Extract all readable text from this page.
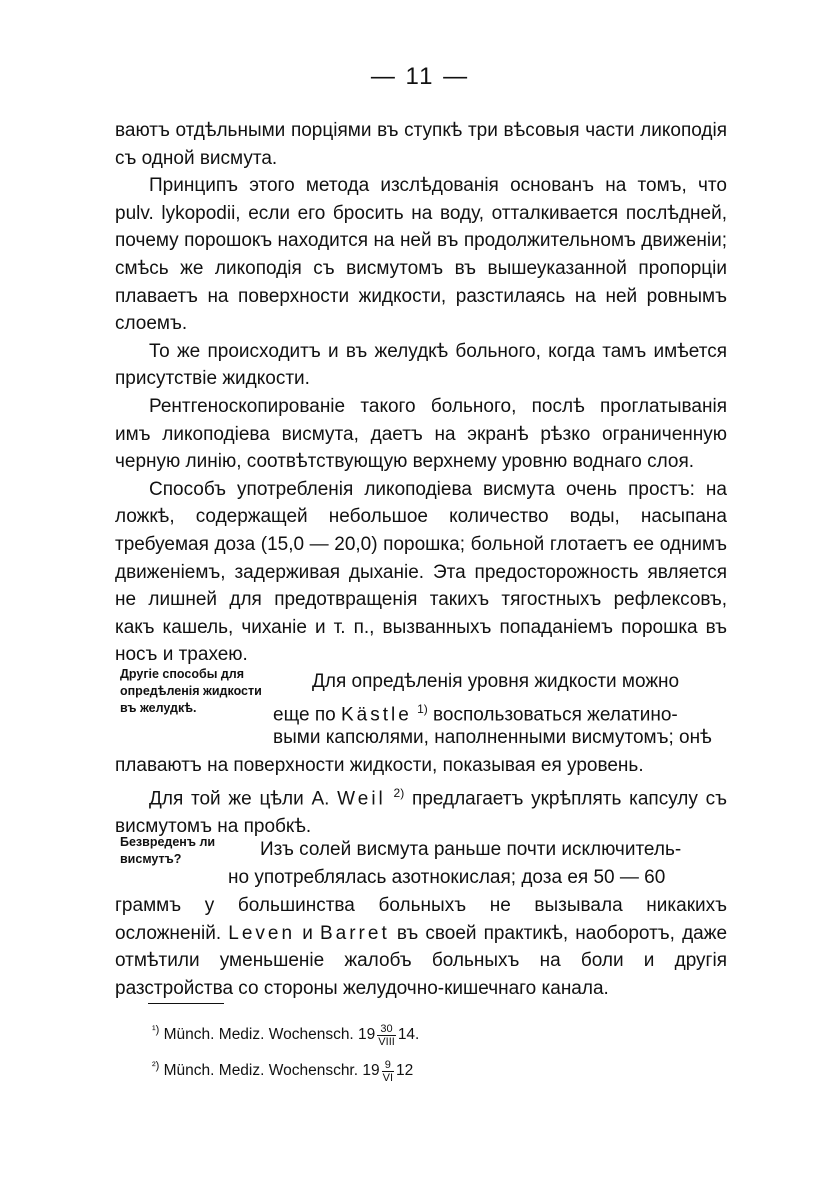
— 11 —

ваютъ отдѣльными порціями въ ступкѣ три вѣсовыя части ликоподія съ одной висмута.

Принципъ этого метода изслѣдованія основанъ на томъ, что pulv. lykopodii, если его бросить на воду, отталкивается послѣдней, почему порошокъ находится на ней въ продолжительномъ движеніи; смѣсь же ликоподія съ висмутомъ въ вышеуказанной пропорціи плаваетъ на поверхности жидкости, разстилаясь на ней ровнымъ слоемъ.

То же происходитъ и въ желудкѣ больного, когда тамъ имѣется присутствіе жидкости.

Рентгеноскопированіе такого больного, послѣ проглатыванія имъ ликоподіева висмута, даетъ на экранѣ рѣзко ограниченную черную линію, соотвѣтствующую верхнему уровню воднаго слоя.

Способъ употребленія ликоподіева висмута очень простъ: на ложкѣ, содержащей небольшое количество воды, насыпана требуемая доза (15,0 — 20,0) порошка; больной глотаетъ ее однимъ движеніемъ, задерживая дыханіе. Эта предосторожность является не лишней для предотвращенія такихъ тягостныхъ рефлексовъ, какъ кашель, чиханіе и т. п., вызванныхъ попаданіемъ порошка въ носъ и трахею.

Другіе способы для опредѣленія жидкости въ желудкѣ.
Для опредѣленія уровня жидкости можно
еще по Kästle $^{1)}$ воспользоваться желатино-
выми капсюлями, наполненными висмутомъ; онѣ
плаваютъ на поверхности жидкости, показывая ея уровень.

Для той же цѣли A. Weil $^{2)}$ предлагаетъ укрѣплять капсулу съ висмутомъ на пробкѣ.

Безвреденъ ли висмутъ?	Изъ солей висмута раньше почти исключитель-
но употреблялась азотнокислая; доза ея 50 — 60

граммъ у большинства больныхъ не вызывала никакихъ осложненій. Leven и Barret въ своей практикѣ, наоборотъ, даже отмѣтили уменьшеніе жалобъ больныхъ на боли и другія разстройства со стороны желудочно-кишечнаго канала.

$^{^1)}$ Münch. Mediz. Wochensch. $19 \frac{30}{\text{VIII}} 14$.
$^{^2)}$ Münch. Mediz. Wochenschr. $19 \frac{9}{VI} 12$
